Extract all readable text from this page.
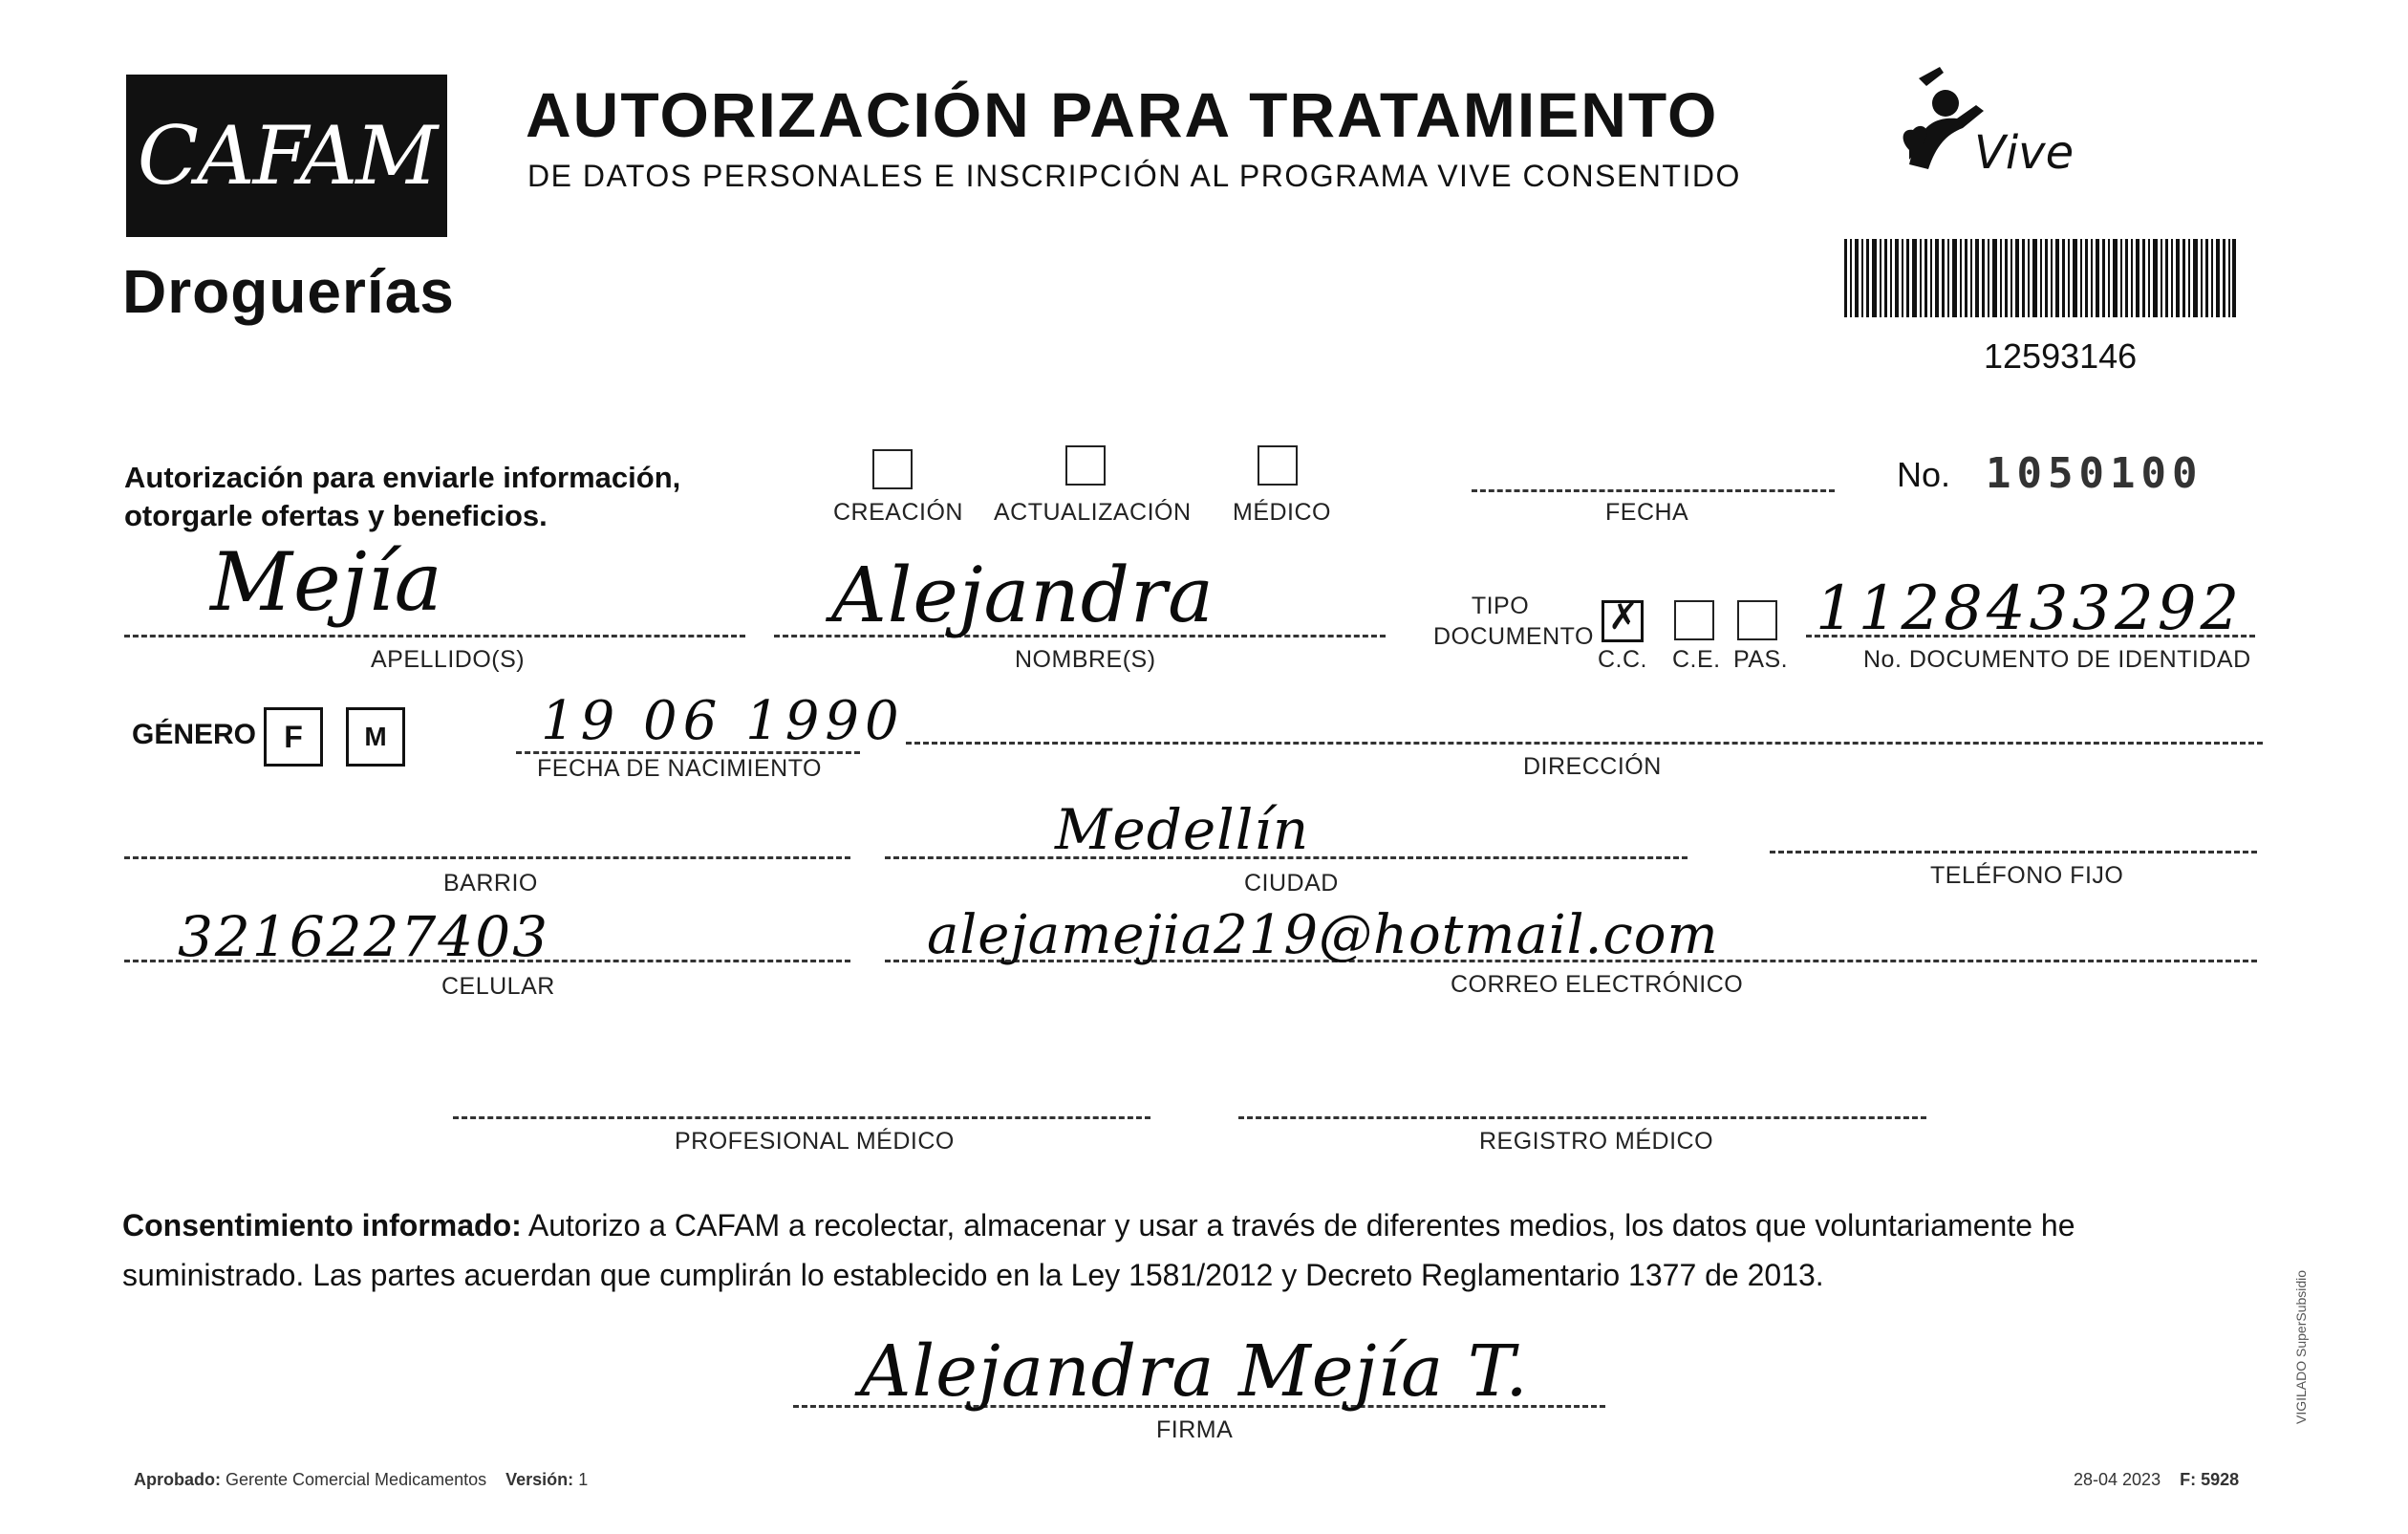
CAFAM
Droguerías
AUTORIZACIÓN PARA TRATAMIENTO
DE DATOS PERSONALES E INSCRIPCIÓN AL PROGRAMA VIVE CONSENTIDO	Vive
12593146
Autorización para enviarle información, otorgarle ofertas y beneficios.	CREACIÓN ACTUALIZACIÓN MÉDICO	FECHA
No. 1050100
Mejía
APELLIDO(S)
Alejandra
NOMBRE(S)
TIPO DOCUMENTO ✗
C.C. C.E. PAS.
1128433292
No. DOCUMENTO DE IDENTIDAD
GÉNERO F M	19 06 1990
FECHA DE NACIMIENTO	DIRECCIÓN
BARRIO
Medellín
CIUDAD	TELÉFONO FIJO
3216227403
CELULAR
alejamejia219@hotmail.com
CORREO ELECTRÓNICO
PROFESIONAL MÉDICO	REGISTRO MÉDICO
Consentimiento informado: Autorizo a CAFAM a recolectar, almacenar y usar a través de diferentes medios, los datos que voluntariamente he suministrado. Las partes acuerdan que cumplirán lo establecido en la Ley 1581/2012 y Decreto Reglamentario 1377 de 2013.
Alejandra Mejía T.
FIRMA
Aprobado: Gerente Comercial Medicamentos Versión: 1	28-04 2023 F: 5928
VIGILADO SuperSubsidio
